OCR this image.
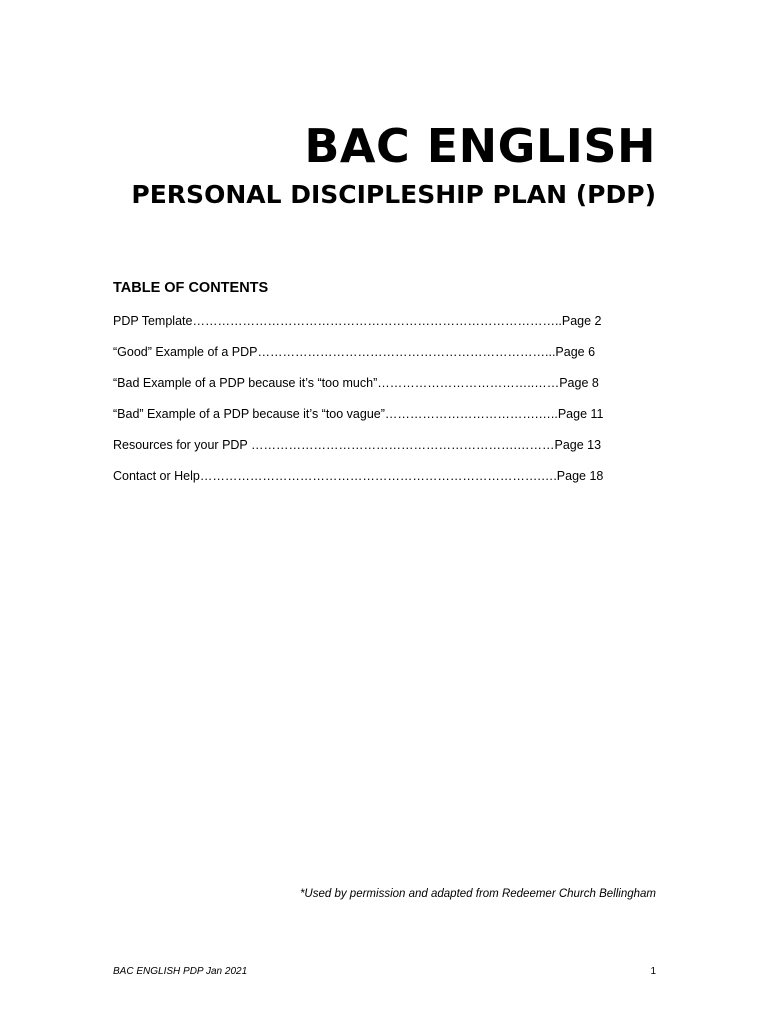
BAC ENGLISH
PERSONAL DISCIPLESHIP PLAN (PDP)
TABLE OF CONTENTS
PDP Template……………………………………………………………………………..Page 2
“Good” Example of a PDP……………………………………………………………...Page 6
“Bad Example of a PDP because it’s “too much”………………………………..……Page 8
“Bad” Example of a PDP because it’s “too vague”……………………………….…..Page 11
Resources for your PDP ……………………………………………………….………Page 13
Contact or Help……………………………………………………………………….….Page 18
*Used by permission and adapted from Redeemer Church Bellingham
BAC ENGLISH PDP Jan 2021	1
